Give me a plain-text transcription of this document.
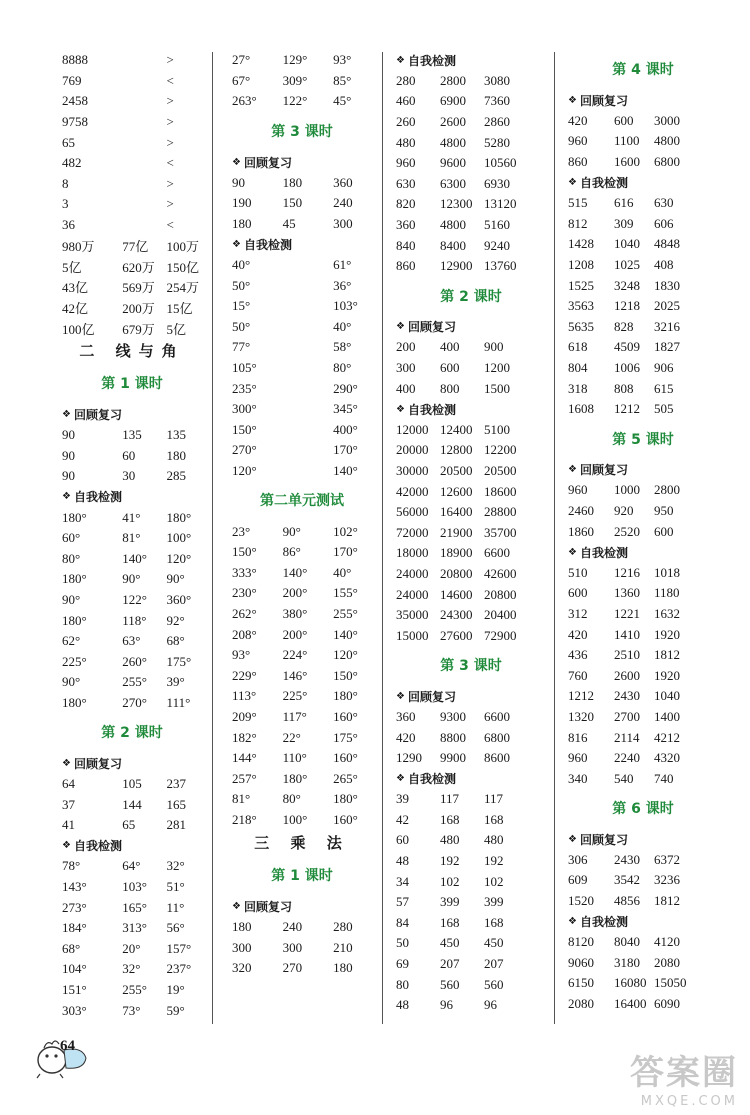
8888	>
769	<
2458	>
9758	>
65	>
482	<
8	>
3	>
36	<
980万	77亿	100万
5亿	620万 150亿
43亿	569万 254万
42亿	200万 15亿
100亿	679万 5亿
二 线与角
第 1 课时
❖ 回顾复习
90	135	135
90	60	180
90	30	285
❖ 自我检测
180°	41°	180°
60°	81°	100°
80°	140°	120°
180°	90°	90°
90°	122°	360°
180°	118°	92°
62°	63°	68°
225°	260°	175°
90°	255°	39°
180°	270°	111°
第 2 课时
❖ 回顾复习
64	105	237
37	144	165
41	65	281
❖ 自我检测
78°	64°	32°
143°	103°	51°
273°	165°	11°
184°	313°	56°
68°	20°	157°
104°	32°	237°
151°	255°	19°
303°	73°	59°
27°	129°	93°
67°	309°	85°
263°	122°	45°
第 3 课时
❖ 回顾复习
90	180	360
190	150	240
180	45	300
❖ 自我检测
40°	61°
50°	36°
15°	103°
50°	40°
77°	58°
105°	80°
235°	290°
300°	345°
150°	400°
270°	170°
120°	140°
第二单元测试
23°	90°	102°
150°	86°	170°
333°	140°	40°
230°	200°	155°
262°	380°	255°
208°	200°	140°
93°	224°	120°
229°	146°	150°
113°	225°	180°
209°	117°	160°
182°	22°	175°
144°	110°	160°
257°	180°	265°
81°	80°	180°
218°	100°	160°
三 乘 法
第 1 课时
❖ 回顾复习
180	240	280
300	300	210
320	270	180
❖ 自我检测
280	2800	3080
460	6900	7360
260	2600	2860
480	4800	5280
960	9600	10560
630	6300	6930
820	12300 13120
360	4800	5160
840	8400	9240
860	12900 13760
第 2 课时
❖ 回顾复习
200	400	900
300	600	1200
400	800	1500
❖ 自我检测
12000 12400 5100
20000 12800 12200
30000 20500 20500
42000 12600 18600
56000 16400 28800
72000 21900 35700
18000 18900 6600
24000 20800 42600
24000 14600 20800
35000 24300 20400
15000 27600 72900
第 3 课时
❖ 回顾复习
360	9300	6600
420	8800	6800
1290	9900	8600
❖ 自我检测
39	117	117
42	168	168
60	480	480
48	192	192
34	102	102
57	399	399
84	168	168
50	450	450
69	207	207
80	560	560
48	96	96
第 4 课时
❖ 回顾复习
420	600	3000
960	1100	4800
860	1600	6800
❖ 自我检测
515	616	630
812	309	606
1428	1040	4848
1208	1025	408
1525	3248	1830
3563	1218	2025
5635	828	3216
618	4509	1827
804	1006	906
318	808	615
1608	1212	505
第 5 课时
❖ 回顾复习
960	1000	2800
2460	920	950
1860	2520	600
❖ 自我检测
510	1216	1018
600	1360	1180
312	1221	1632
420	1410	1920
436	2510	1812
760	2600	1920
1212	2430	1040
1320	2700	1400
816	2114	4212
960	2240	4320
340	540	740
第 6 课时
❖ 回顾复习
306	2430	6372
609	3542	3236
1520	4856	1812
❖ 自我检测
8120	8040	4120
9060	3180	2080
6150	16080 15050
2080	16400 6090
64
答案圈
MXQE.COM
